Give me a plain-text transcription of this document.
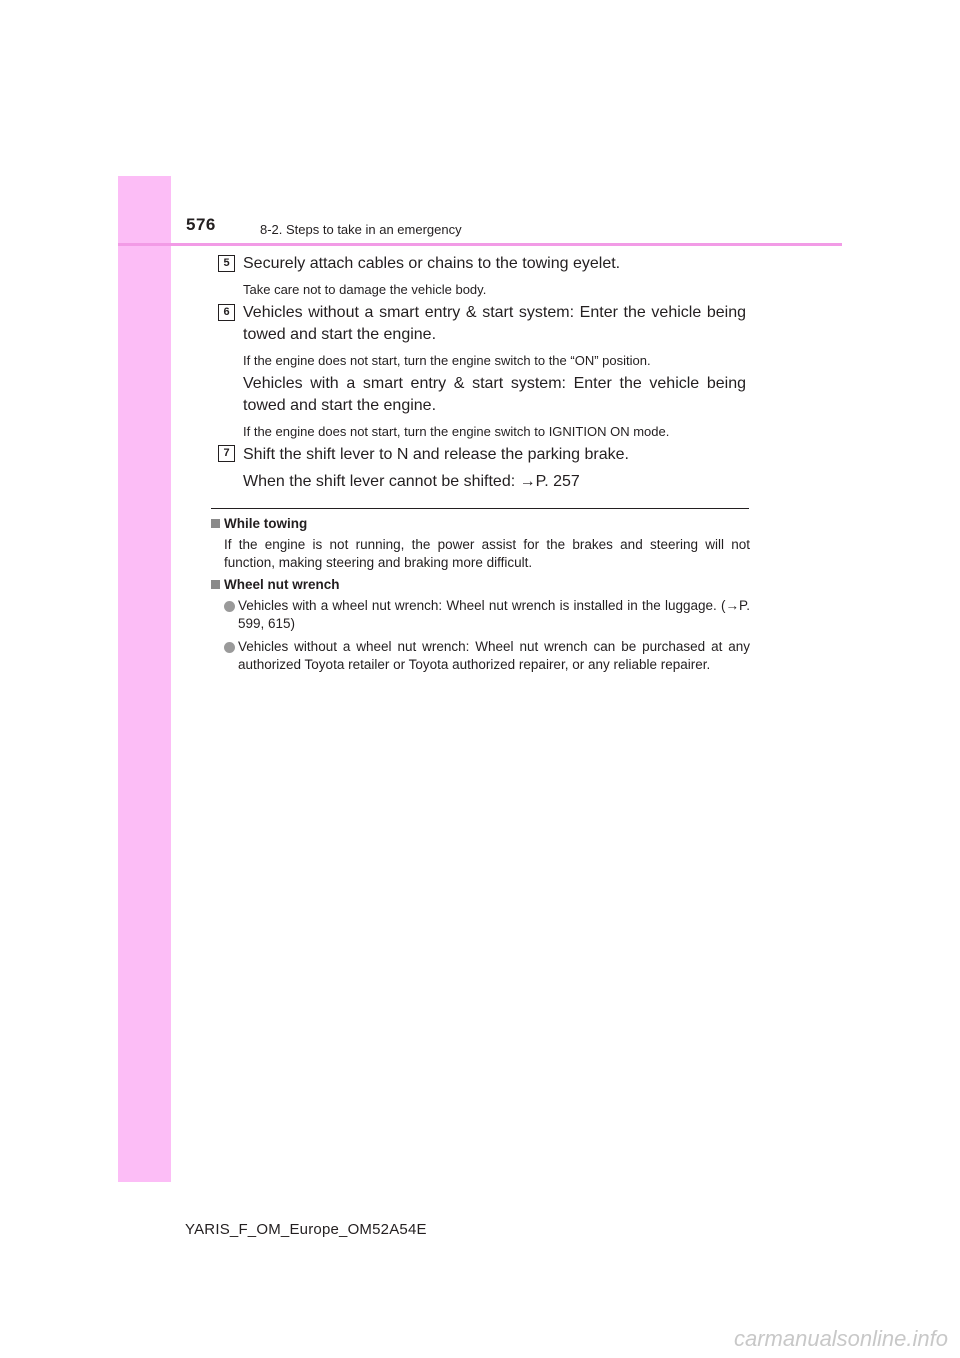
576	8-2. Steps to take in an emergency
5 Securely attach cables or chains to the towing eyelet.
Take care not to damage the vehicle body.
6 Vehicles without a smart entry & start system: Enter the vehicle being towed and start the engine.
If the engine does not start, turn the engine switch to the “ON” position.
Vehicles with a smart entry & start system: Enter the vehicle being towed and start the engine.
If the engine does not start, turn the engine switch to IGNITION ON mode.
7 Shift the shift lever to N and release the parking brake.
When the shift lever cannot be shifted: →P. 257
While towing
If the engine is not running, the power assist for the brakes and steering will not function, making steering and braking more difficult.
Wheel nut wrench
Vehicles with a wheel nut wrench: Wheel nut wrench is installed in the luggage. (→P. 599, 615)
Vehicles without a wheel nut wrench: Wheel nut wrench can be purchased at any authorized Toyota retailer or Toyota authorized repairer, or any reliable repairer.
YARIS_F_OM_Europe_OM52A54E
carmanualsonline.info
